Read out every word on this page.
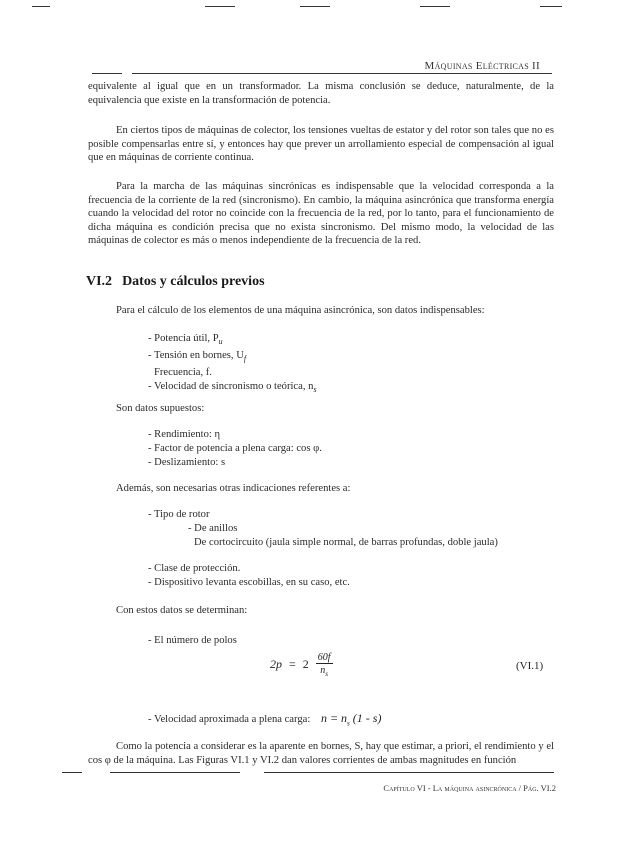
Máquinas Eléctricas II

equivalente al igual que en un transformador. La misma conclusión se deduce, naturalmente, de la equivalencia que existe en la transformación de potencia.

En ciertos tipos de máquinas de colector, los tensiones vueltas de estator y del rotor son tales que no es posible compensarlas entre sí, y entonces hay que prever un arrollamiento especial de compensación al igual que en máquinas de corriente continua.

Para la marcha de las máquinas sincrónicas es indispensable que la velocidad corresponda a la frecuencia de la corriente de la red (sincronismo). En cambio, la máquina asincrónica que transforma energía cuando la velocidad del rotor no coincide con la frecuencia de la red, por lo tanto, para el funcionamiento de dicha máquina es condición precisa que no exista sincronismo. Del mismo modo, la velocidad de las máquinas de colector es más o menos independiente de la frecuencia de la red.

VI.2 Datos y cálculos previos

Para el cálculo de los elementos de una máquina asincrónica, son datos indispensables:

- Potencia útil, $P_u$
- Tensión en bornes, $U_f$
Frecuencia, f.
- Velocidad de sincronismo o teórica, $n_s$

Son datos supuestos:

- Rendimiento: η
- Factor de potencia a plena carga: cos φ.
- Deslizamiento: s

Además, son necesarias otras indicaciones referentes a:

- Tipo de rotor
- De anillos
De cortocircuito (jaula simple normal, de barras profundas, doble jaula)
- Clase de protección.
- Dispositivo levanta escobillas, en su caso, etc.

Con estos datos se determinan:

- El número de polos
$2p = 2 \frac{60f}{n_s}$	(VI.1)
- Velocidad aproximada a plena carga: $n = n_s$ (1 - s)

Como la potencia a considerar es la aparente en bornes, S, hay que estimar, a priori, el rendimiento y el cos φ de la máquina. Las Figuras VI.1 y VI.2 dan valores corrientes de ambas magnitudes en función

Capítulo VI - La máquina asincrónica / Pág. VI.2
